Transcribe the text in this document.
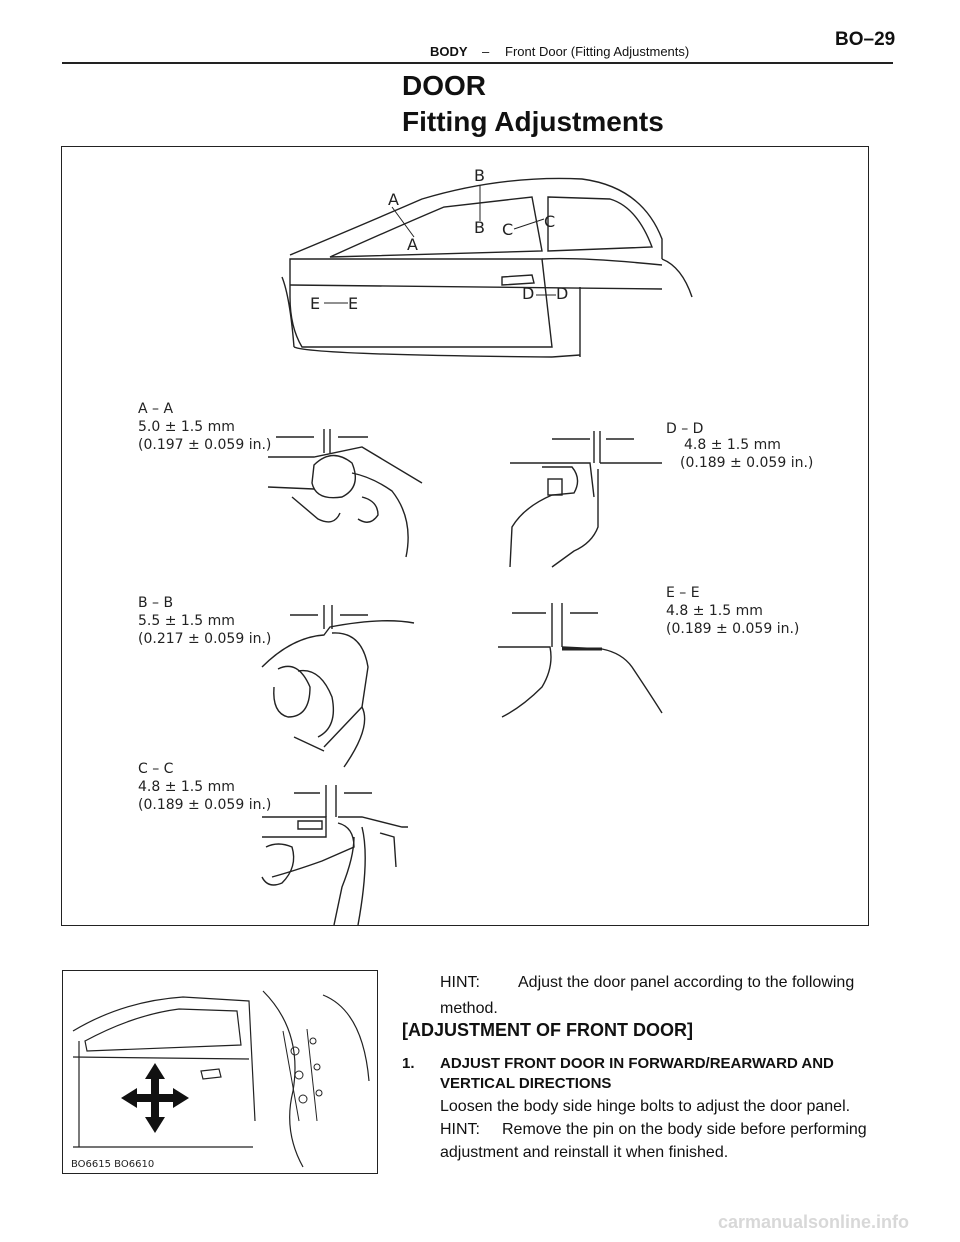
BODY – Front Door (Fitting Adjustments)
BO–29
DOOR
Fitting Adjustments
A
A
B
B C C
D D
E E
A – A
5.0 ± 1.5 mm
(0.197 ± 0.059 in.)
D – D
4.8 ± 1.5 mm
(0.189 ± 0.059 in.)
B – B
5.5 ± 1.5 mm
(0.217 ± 0.059 in.)
E – E
4.8 ± 1.5 mm
(0.189 ± 0.059 in.)
C – C
4.8 ± 1.5 mm
(0.189 ± 0.059 in.)
BO6615 BO6610
HINT: Adjust the door panel according to the following
method.
[ADJUSTMENT OF FRONT DOOR]
1. ADJUST FRONT DOOR IN FORWARD/REARWARD AND
VERTICAL DIRECTIONS
Loosen the body side hinge bolts to adjust the door panel.
HINT: Remove the pin on the body side before performing
adjustment and reinstall it when finished.
carmanualsonline.info
